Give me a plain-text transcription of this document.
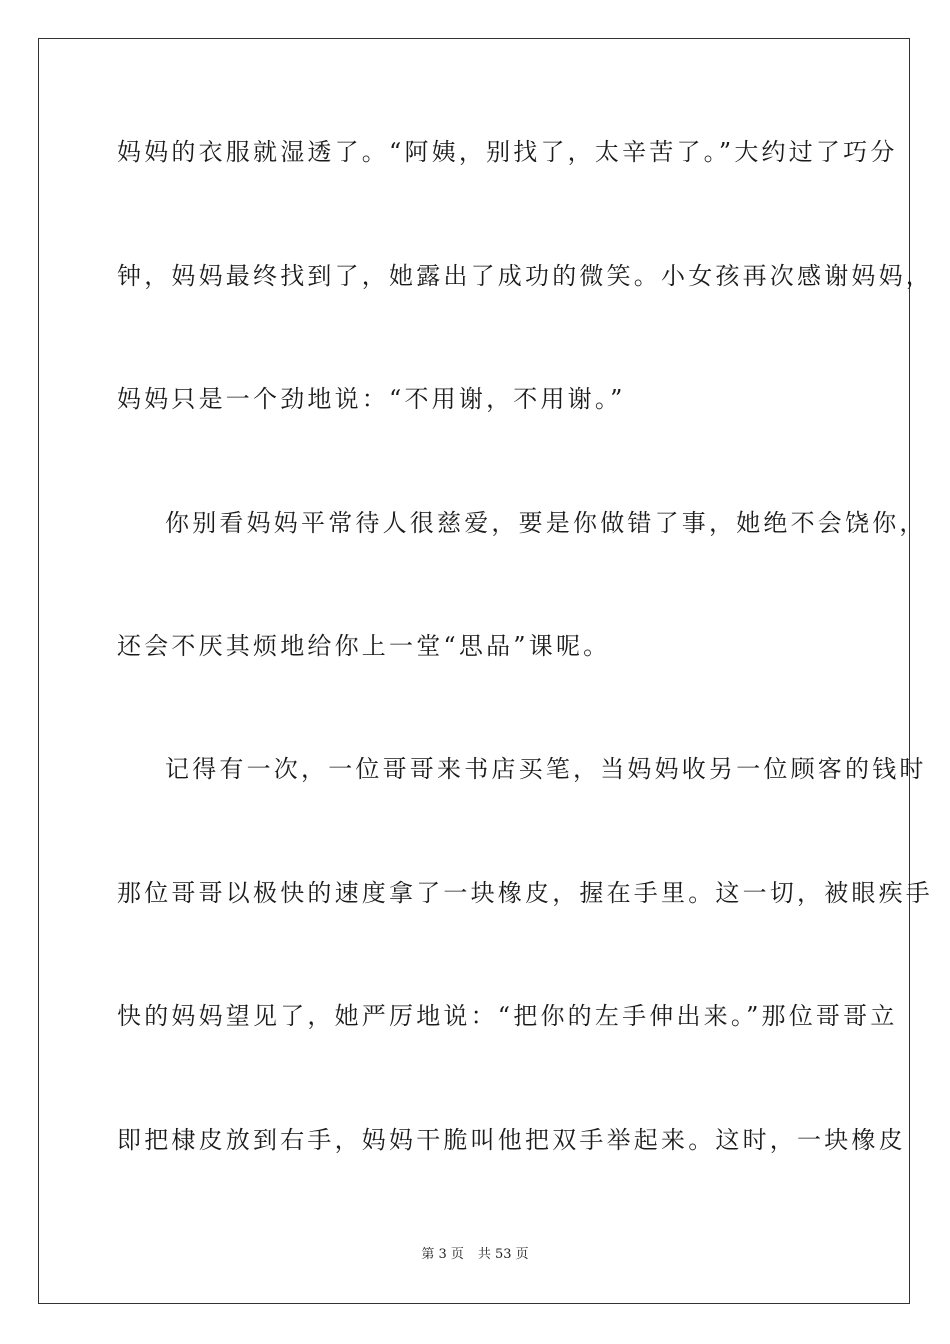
妈妈的衣服就湿透了。“阿姨，别找了，太辛苦了。”大约过了巧分
钟，妈妈最终找到了，她露出了成功的微笑。小女孩再次感谢妈妈，
妈妈只是一个劲地说：“不用谢，不用谢。”
你别看妈妈平常待人很慈爱，要是你做错了事，她绝不会饶你，
还会不厌其烦地给你上一堂“思品”课呢。
记得有一次，一位哥哥来书店买笔，当妈妈收另一位顾客的钱时
那位哥哥以极快的速度拿了一块橡皮，握在手里。这一切，被眼疾手
快的妈妈望见了，她严厉地说：“把你的左手伸出来。”那位哥哥立
即把棣皮放到右手，妈妈干脆叫他把双手举起来。这时，一块橡皮
第 3 页 共 53 页
